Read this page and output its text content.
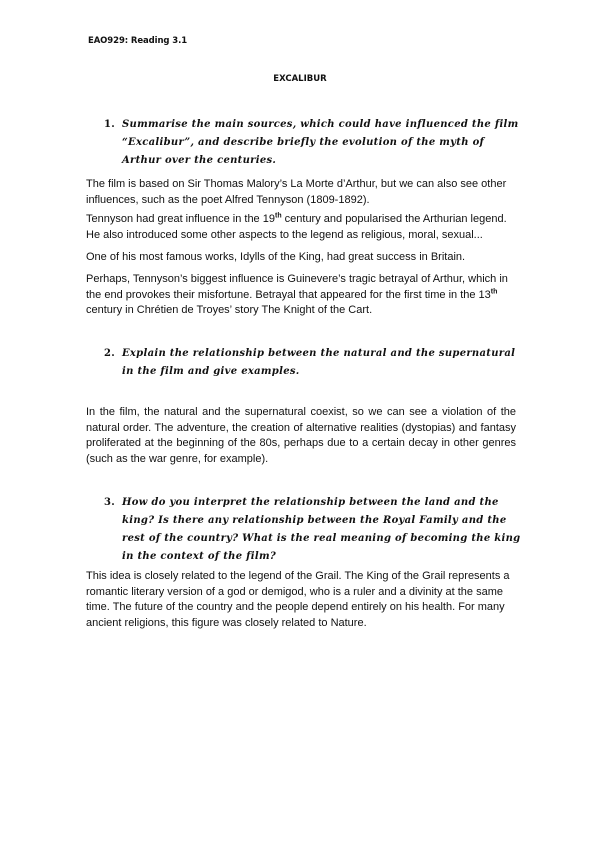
EAO929: Reading 3.1
EXCALIBUR
1. Summarise the main sources, which could have influenced the film “Excalibur”, and describe briefly the evolution of the myth of Arthur over the centuries.

The film is based on Sir Thomas Malory’s La Morte d’Arthur, but we can also see other influences, such as the poet Alfred Tennyson (1809-1892).

Tennyson had great influence in the 19th century and popularised the Arthurian legend. He also introduced some other aspects to the legend as religious, moral, sexual...

One of his most famous works, Idylls of the King, had great success in Britain.

Perhaps, Tennyson’s biggest influence is Guinevere’s tragic betrayal of Arthur, which in the end provokes their misfortune. Betrayal that appeared for the first time in the 13th century in Chrétien de Troyes’ story The Knight of the Cart.

2. Explain the relationship between the natural and the supernatural in the film and give examples.

In the film, the natural and the supernatural coexist, so we can see a violation of the natural order. The adventure, the creation of alternative realities (dystopias) and fantasy proliferated at the beginning of the 80s, perhaps due to a certain decay in other genres (such as the war genre, for example).

3. How do you interpret the relationship between the land and the king? Is there any relationship between the Royal Family and the rest of the country? What is the real meaning of becoming the king in the context of the film?

This idea is closely related to the legend of the Grail. The King of the Grail represents a romantic literary version of a god or demigod, who is a ruler and a divinity at the same time. The future of the country and the people depend entirely on his health. For many ancient religions, this figure was closely related to Nature.
